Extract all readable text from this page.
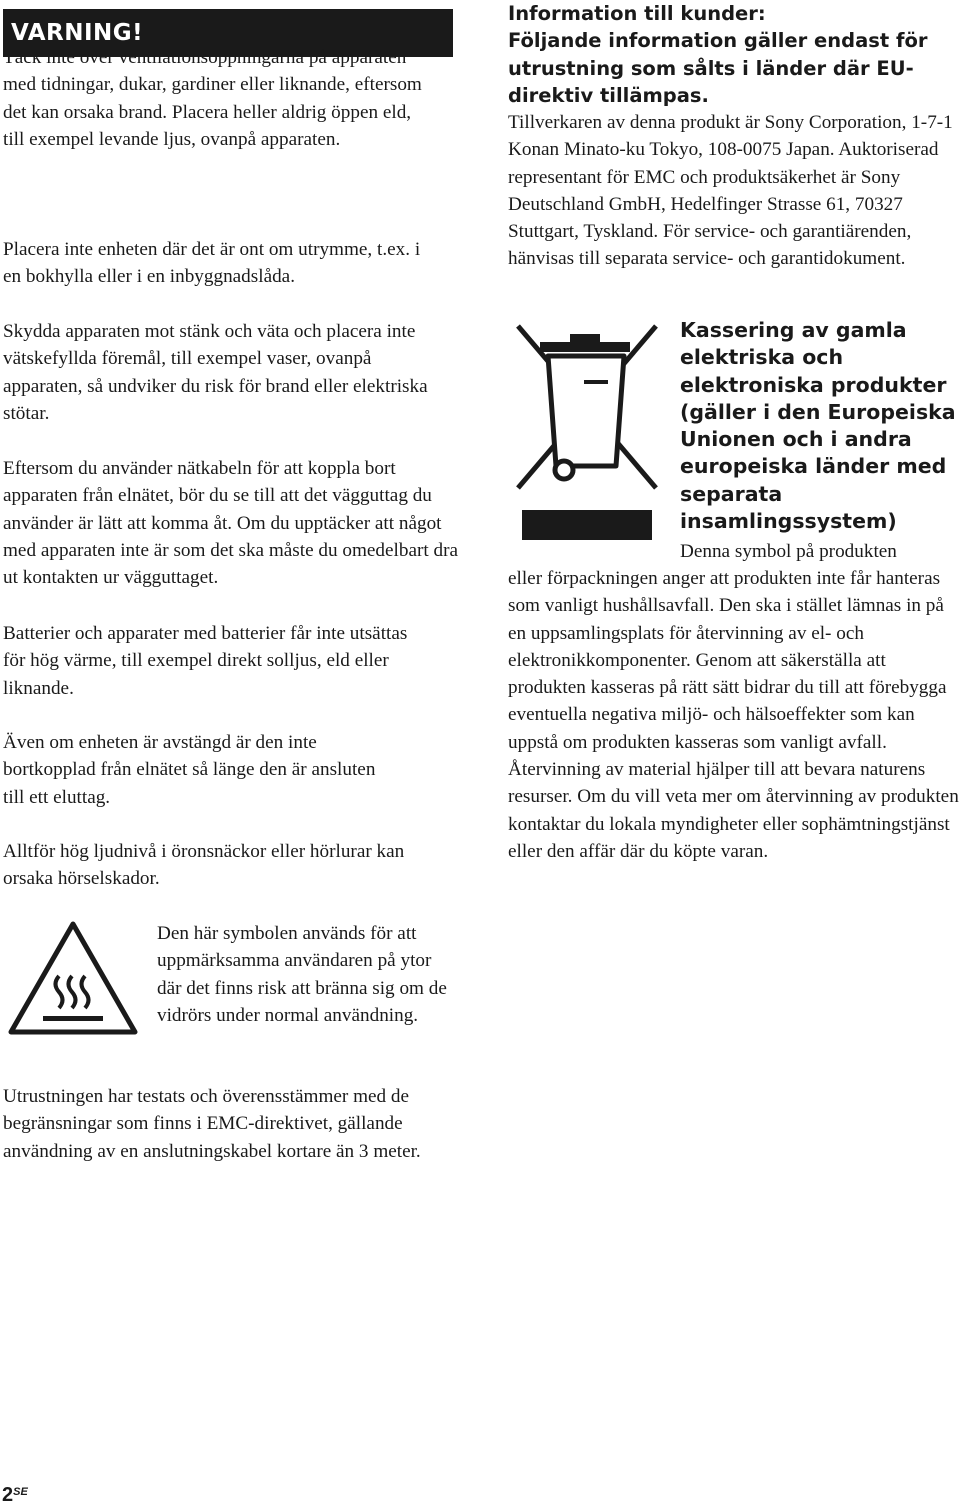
VARNING!

Täck inte över ventilationsöppningarna på apparaten med tidningar, dukar, gardiner eller liknande, eftersom det kan orsaka brand. Placera heller aldrig öppen eld, till exempel levande ljus, ovanpå apparaten.

Placera inte enheten där det är ont om utrymme, t.ex. i en bokhylla eller i en inbyggnadslåda.

Skydda apparaten mot stänk och väta och placera inte vätskefyllda föremål, till exempel vaser, ovanpå apparaten, så undviker du risk för brand eller elektriska stötar.

Eftersom du använder nätkabeln för att koppla bort apparaten från elnätet, bör du se till att det vägguttag du använder är lätt att komma åt. Om du upptäcker att något med apparaten inte är som det ska måste du omedelbart dra ut kontakten ur vägguttaget.

Batterier och apparater med batterier får inte utsättas för hög värme, till exempel direkt solljus, eld eller liknande.

Även om enheten är avstängd är den inte bortkopplad från elnätet så länge den är ansluten till ett eluttag.

Alltför hög ljudnivå i öronsnäckor eller hörlurar kan orsaka hörselskador.

Den här symbolen används för att uppmärksamma användaren på ytor där det finns risk att bränna sig om de vidrörs under normal användning.

Utrustningen har testats och överensstämmer med de begränsningar som finns i EMC-direktivet, gällande användning av en anslutningskabel kortare än 3 meter.

Information till kunder:
Följande information gäller endast för utrustning som sålts i länder där EU-direktiv tillämpas.

Tillverkaren av denna produkt är Sony Corporation, 1-7-1 Konan Minato-ku Tokyo, 108-0075 Japan. Auktoriserad representant för EMC och produktsäkerhet är Sony Deutschland GmbH, Hedelfinger Strasse 61, 70327 Stuttgart, Tyskland. För service- och garantiärenden, hänvisas till separata service- och garantidokument.

Kassering av gamla elektriska och elektroniska produkter (gäller i den Europeiska Unionen och i andra europeiska länder med separata insamlingssystem)

Denna symbol på produkten

eller förpackningen anger att produkten inte får hanteras som vanligt hushållsavfall. Den ska i stället lämnas in på en uppsamlingsplats för återvinning av el- och elektronikkomponenter. Genom att säkerställa att produkten kasseras på rätt sätt bidrar du till att förebygga eventuella negativa miljö- och hälsoeffekter som kan uppstå om produkten kasseras som vanligt avfall. Återvinning av material hjälper till att bevara naturens resurser. Om du vill veta mer om återvinning av produkten kontaktar du lokala myndigheter eller sophämtningstjänst eller den affär där du köpte varan.

$2^{SE}$
